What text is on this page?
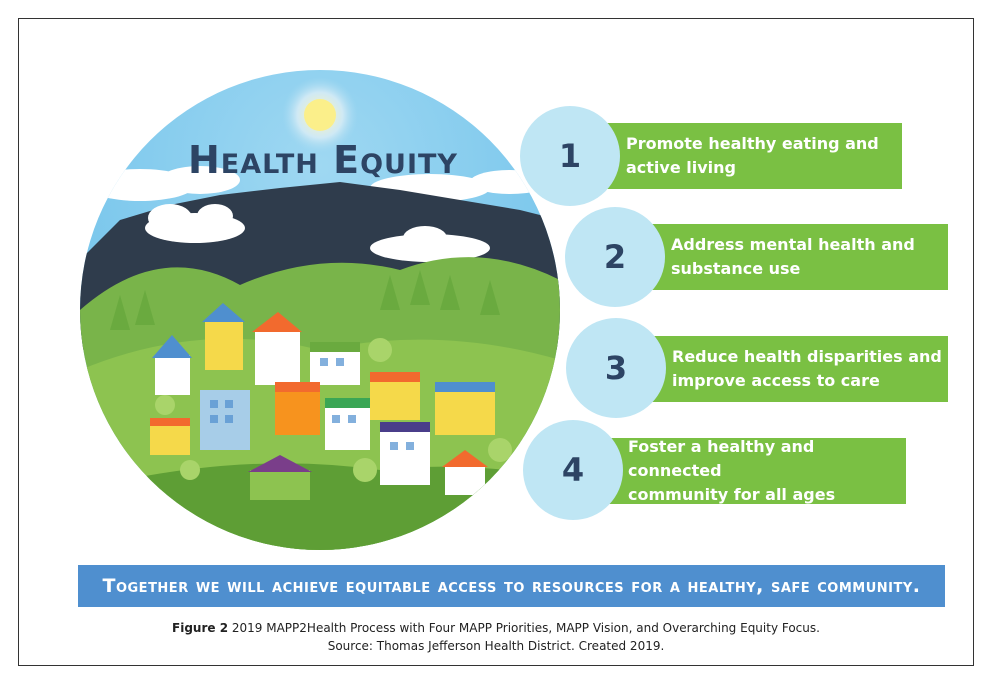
Health Equity	Promote healthy eating and
active living
1
Address mental health and
substance use
2
Reduce health disparities and
improve access to care
3
Foster a healthy and connected
community for all ages
4
Together we will achieve equitable access to resources for a healthy, safe community.
Figure 2 2019 MAPP2Health Process with Four MAPP Priorities, MAPP Vision, and Overarching Equity Focus.
Source: Thomas Jefferson Health District. Created 2019.
